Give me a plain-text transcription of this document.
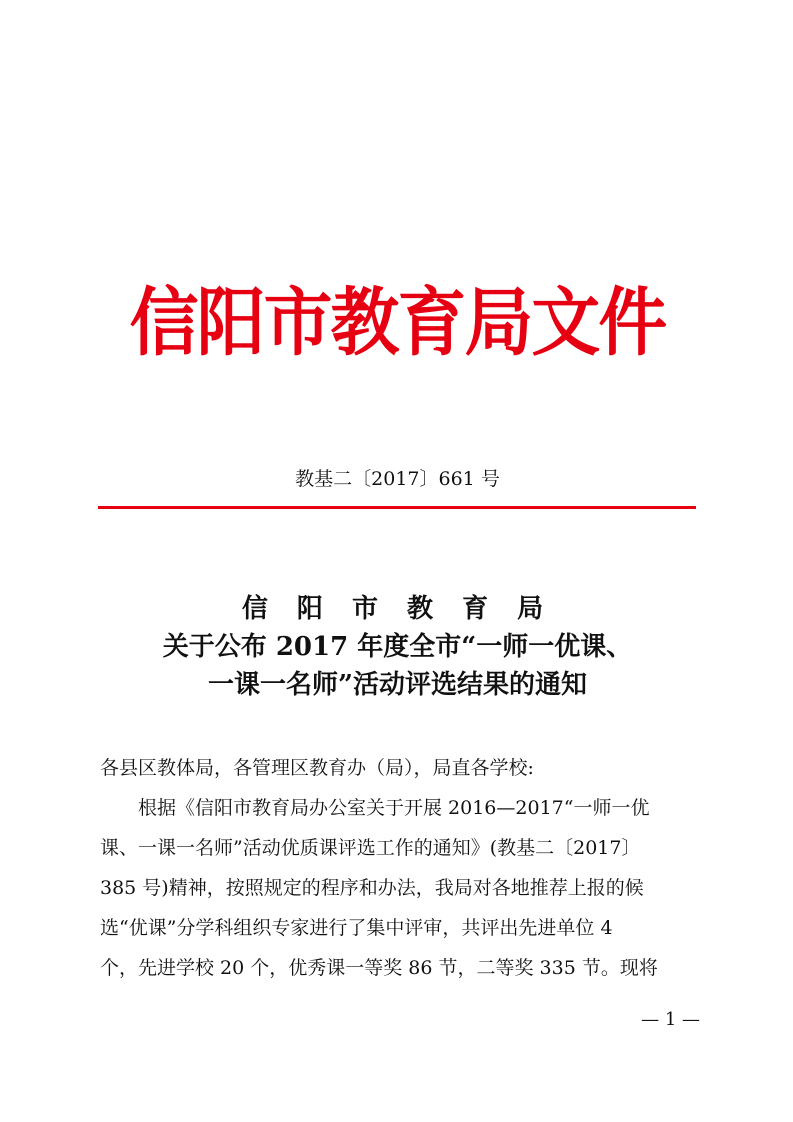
信阳市教育局文件
教基二〔2017〕661 号
信 阳 市 教 育 局
关于公布 2017 年度全市“一师一优课、
一课一名师”活动评选结果的通知

各县区教体局，各管理区教育办（局），局直各学校:

根据《信阳市教育局办公室关于开展 2016—2017“一师一优

课、一课一名师”活动优质课评选工作的通知》(教基二〔2017〕

385 号)精神，按照规定的程序和办法，我局对各地推荐上报的候

选“优课”分学科组织专家进行了集中评审，共评出先进单位 4

个，先进学校 20 个，优秀课一等奖 86 节，二等奖 335 节。现将

— 1 —
